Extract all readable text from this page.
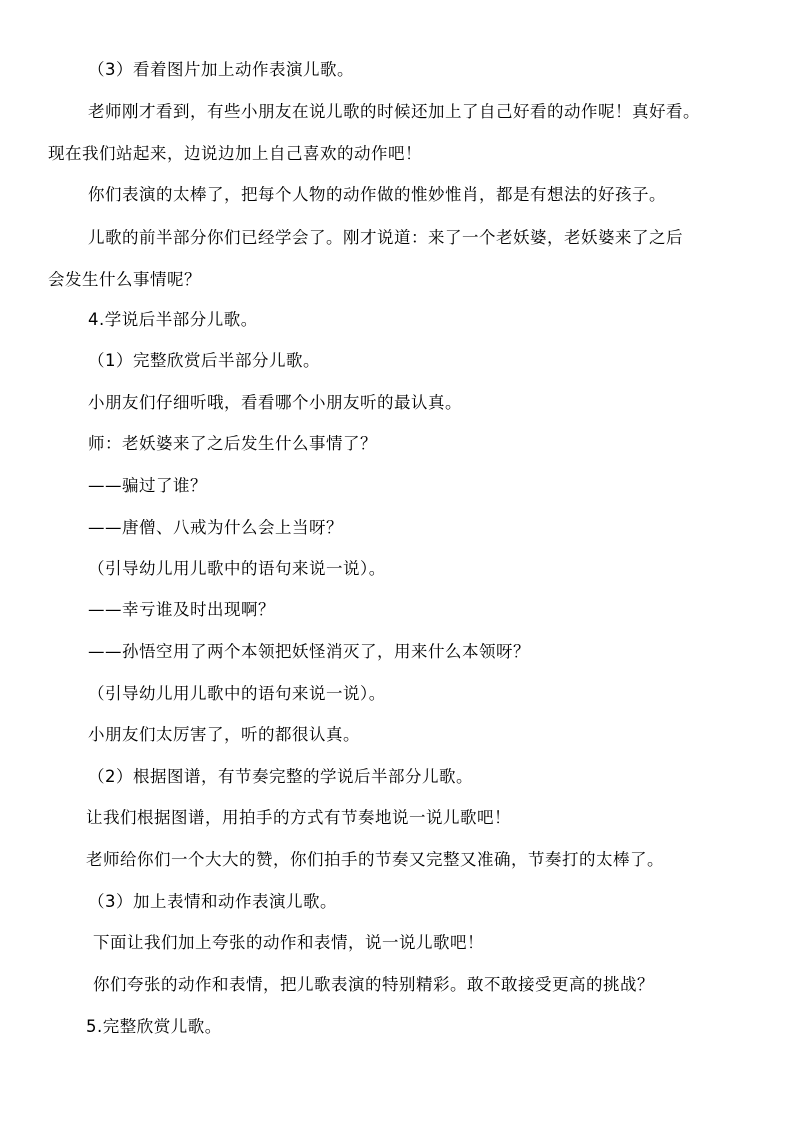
（3）看着图片加上动作表演儿歌。
老师刚才看到，有些小朋友在说儿歌的时候还加上了自己好看的动作呢！真好看。
现在我们站起来，边说边加上自己喜欢的动作吧！
你们表演的太棒了，把每个人物的动作做的惟妙惟肖，都是有想法的好孩子。
儿歌的前半部分你们已经学会了。刚才说道：来了一个老妖婆，老妖婆来了之后
会发生什么事情呢？
4.学说后半部分儿歌。
（1）完整欣赏后半部分儿歌。
小朋友们仔细听哦，看看哪个小朋友听的最认真。
师：老妖婆来了之后发生什么事情了？
——骗过了谁？
——唐僧、八戒为什么会上当呀？
（引导幼儿用儿歌中的语句来说一说）。
——幸亏谁及时出现啊？
——孙悟空用了两个本领把妖怪消灭了，用来什么本领呀？
（引导幼儿用儿歌中的语句来说一说）。
小朋友们太厉害了，听的都很认真。
（2）根据图谱，有节奏完整的学说后半部分儿歌。
让我们根据图谱，用拍手的方式有节奏地说一说儿歌吧！
老师给你们一个大大的赞，你们拍手的节奏又完整又准确，节奏打的太棒了。
（3）加上表情和动作表演儿歌。
下面让我们加上夸张的动作和表情，说一说儿歌吧！
你们夸张的动作和表情，把儿歌表演的特别精彩。敢不敢接受更高的挑战？
5.完整欣赏儿歌。
